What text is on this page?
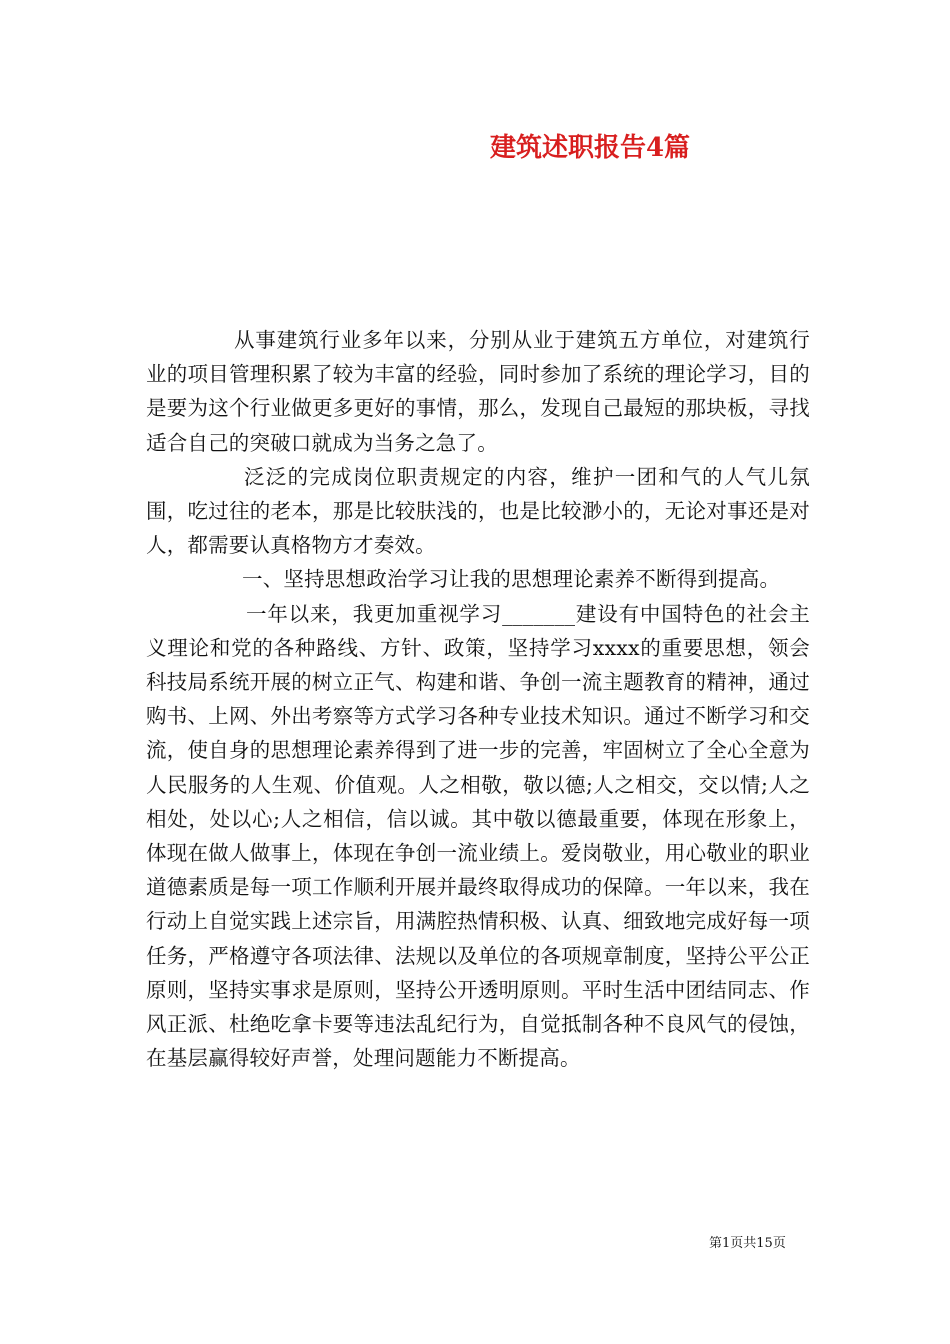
建筑述职报告4篇

从事建筑行业多年以来，分别从业于建筑五方单位，对建筑行业的项目管理积累了较为丰富的经验，同时参加了系统的理论学习，目的是要为这个行业做更多更好的事情，那么，发现自己最短的那块板，寻找适合自己的突破口就成为当务之急了。

泛泛的完成岗位职责规定的内容，维护一团和气的人气儿氛围，吃过往的老本，那是比较肤浅的，也是比较渺小的，无论对事还是对人，都需要认真格物方才奏效。

一、坚持思想政治学习让我的思想理论素养不断得到提高。

一年以来，我更加重视学习_______建设有中国特色的社会主义理论和党的各种路线、方针、政策，坚持学习xxxx的重要思想，领会科技局系统开展的树立正气、构建和谐、争创一流主题教育的精神，通过购书、上网、外出考察等方式学习各种专业技术知识。通过不断学习和交流，使自身的思想理论素养得到了进一步的完善，牢固树立了全心全意为人民服务的人生观、价值观。人之相敬，敬以德;人之相交，交以情;人之相处，处以心;人之相信，信以诚。其中敬以德最重要，体现在形象上，体现在做人做事上，体现在争创一流业绩上。爱岗敬业，用心敬业的职业道德素质是每一项工作顺利开展并最终取得成功的保障。一年以来，我在行动上自觉实践上述宗旨，用满腔热情积极、认真、细致地完成好每一项任务，严格遵守各项法律、法规以及单位的各项规章制度，坚持公平公正原则，坚持实事求是原则，坚持公开透明原则。平时生活中团结同志、作风正派、杜绝吃拿卡要等违法乱纪行为，自觉抵制各种不良风气的侵蚀，在基层赢得较好声誉，处理问题能力不断提高。

第1页共15页
